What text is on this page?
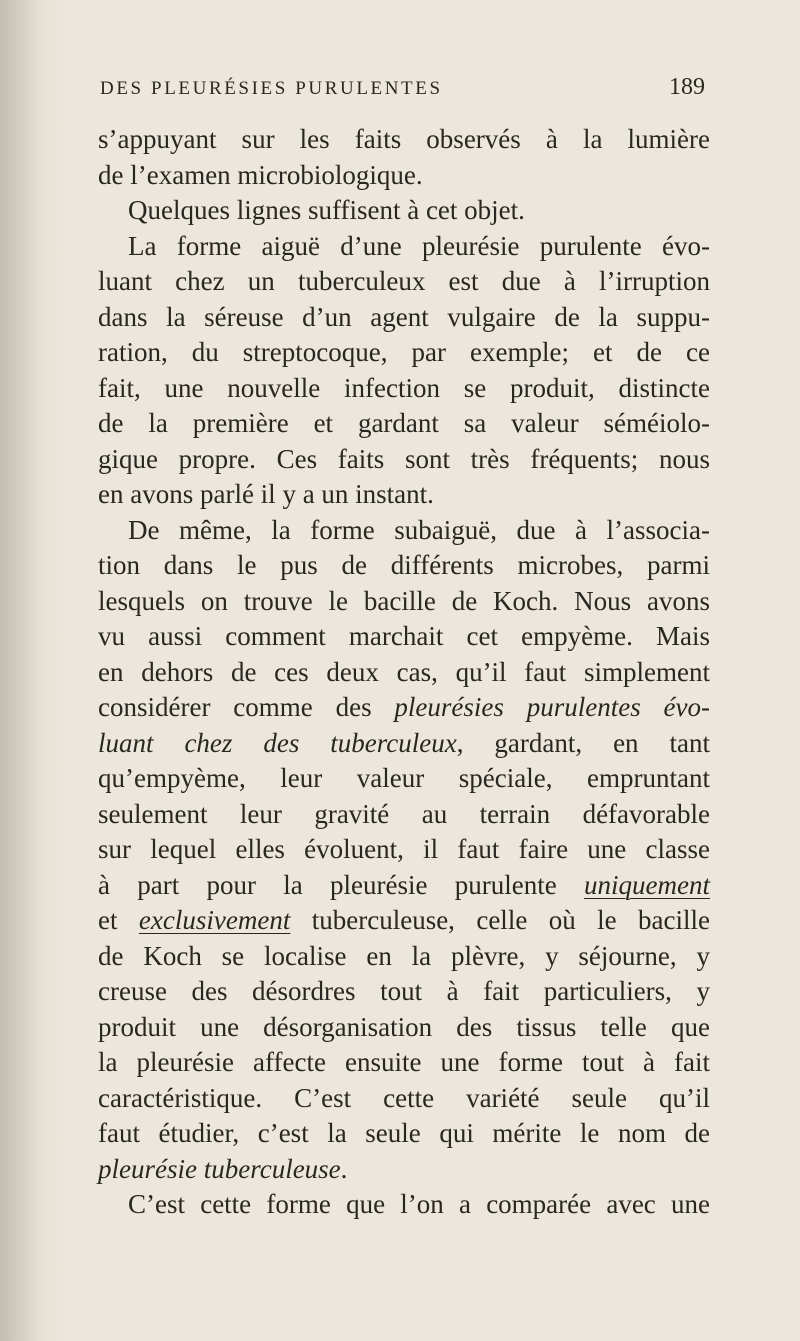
DES PLEURÉSIES PURULENTES	189
s’appuyant sur les faits observés à la lumière
de l’examen microbiologique.
Quelques lignes suffisent à cet objet.
La forme aiguë d’une pleurésie purulente évo-
luant chez un tuberculeux est due à l’irruption
dans la séreuse d’un agent vulgaire de la suppu-
ration, du streptocoque, par exemple; et de ce
fait, une nouvelle infection se produit, distincte
de la première et gardant sa valeur séméiolo-
gique propre. Ces faits sont très fréquents; nous
en avons parlé il y a un instant.
De même, la forme subaiguë, due à l’associa-
tion dans le pus de différents microbes, parmi
lesquels on trouve le bacille de Koch. Nous avons
vu aussi comment marchait cet empyème. Mais
en dehors de ces deux cas, qu’il faut simplement
considérer comme des pleurésies purulentes évo-
luant chez des tuberculeux, gardant, en tant
qu’empyème, leur valeur spéciale, empruntant
seulement leur gravité au terrain défavorable
sur lequel elles évoluent, il faut faire une classe
à part pour la pleurésie purulente uniquement
et exclusivement tuberculeuse, celle où le bacille
de Koch se localise en la plèvre, y séjourne, y
creuse des désordres tout à fait particuliers, y
produit une désorganisation des tissus telle que
la pleurésie affecte ensuite une forme tout à fait
caractéristique. C’est cette variété seule qu’il
faut étudier, c’est la seule qui mérite le nom de
pleurésie tuberculeuse.
C’est cette forme que l’on a comparée avec une
